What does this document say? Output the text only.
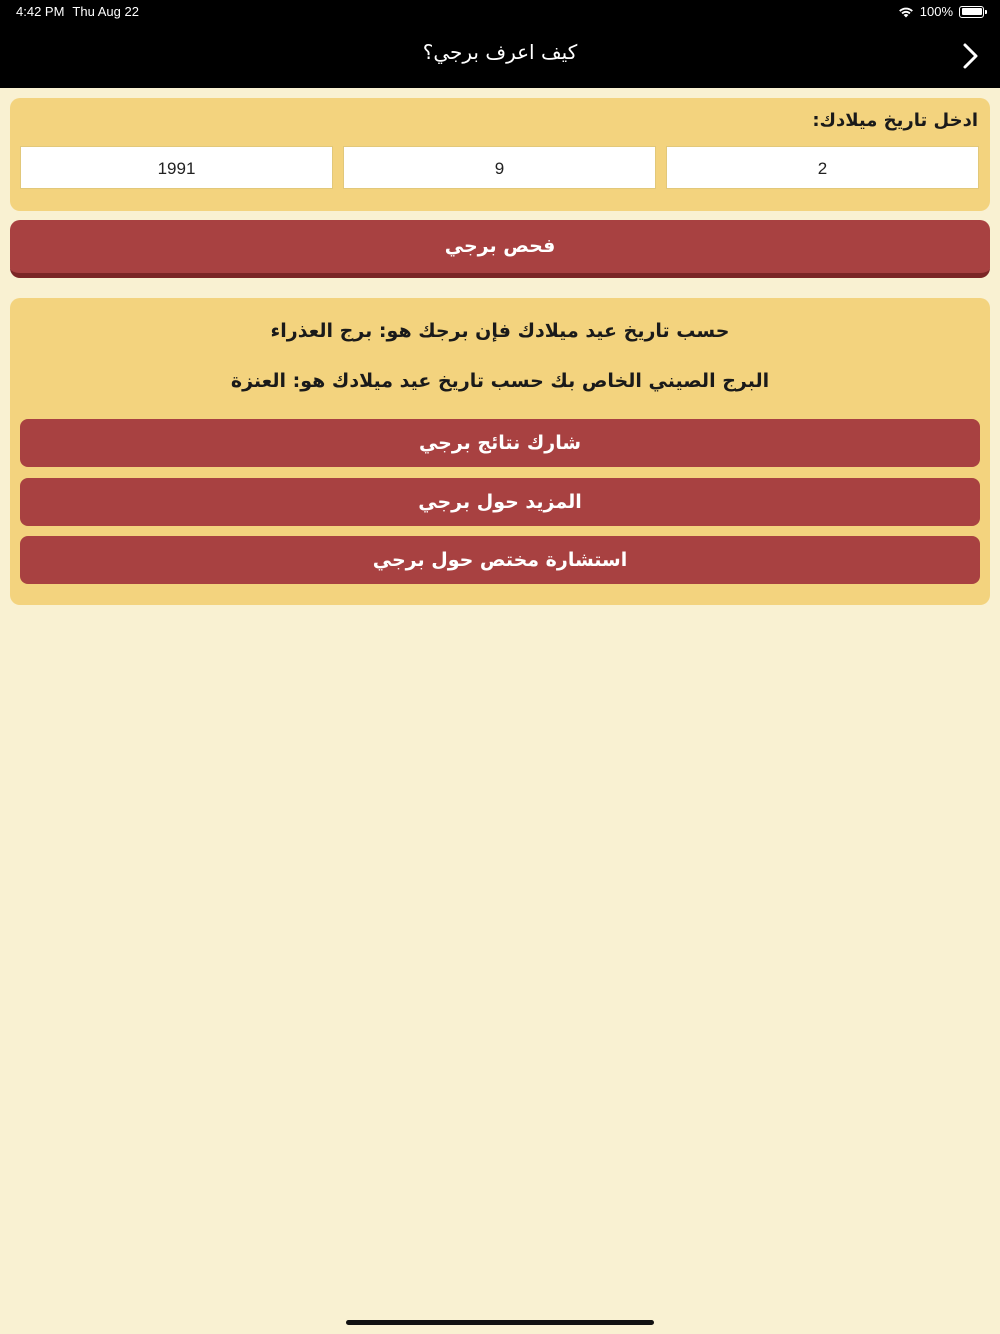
4:42 PM Thu Aug 22	100%
كيف اعرف برجي؟
ادخل تاريخ ميلادك:
1991	9	2
فحص برجي
حسب تاريخ عيد ميلادك فإن برجك هو: برج العذراء
البرج الصيني الخاص بك حسب تاريخ عيد ميلادك هو: العنزة
شارك نتائج برجي
المزيد حول برجي
استشارة مختص حول برجي
